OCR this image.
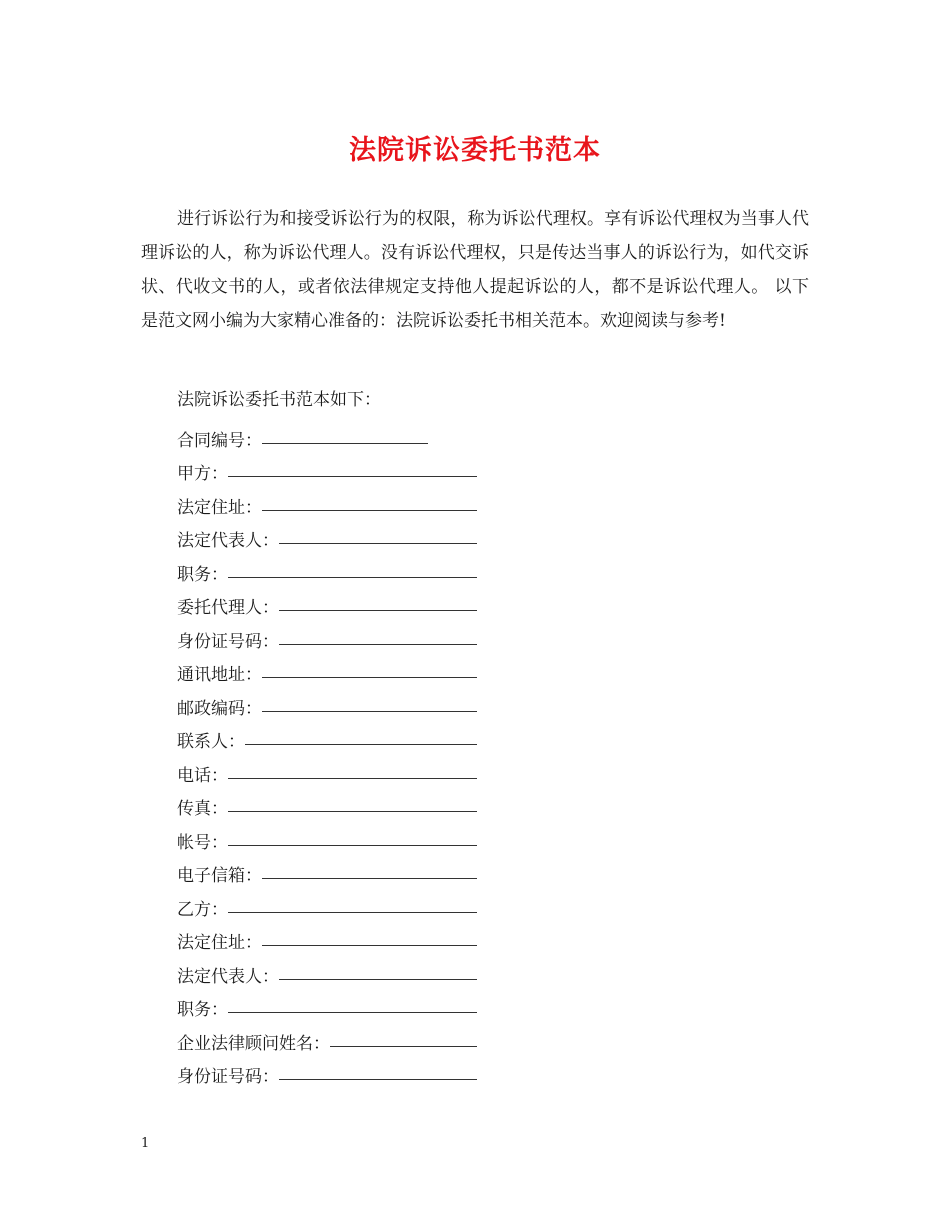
法院诉讼委托书范本

进行诉讼行为和接受诉讼行为的权限，称为诉讼代理权。享有诉讼代理权为当事人代理诉讼的人，称为诉讼代理人。没有诉讼代理权，只是传达当事人的诉讼行为，如代交诉状、代收文书的人，或者依法律规定支持他人提起诉讼的人，都不是诉讼代理人。 以下是范文网小编为大家精心准备的：法院诉讼委托书相关范本。欢迎阅读与参考!

法院诉讼委托书范本如下：

合同编号：
甲方：
法定住址：
法定代表人：
职务：
委托代理人：
身份证号码：
通讯地址：
邮政编码：
联系人：
电话：
传真：
帐号：
电子信箱：
乙方：
法定住址：
法定代表人：
职务：
企业法律顾问姓名：
身份证号码：

1
